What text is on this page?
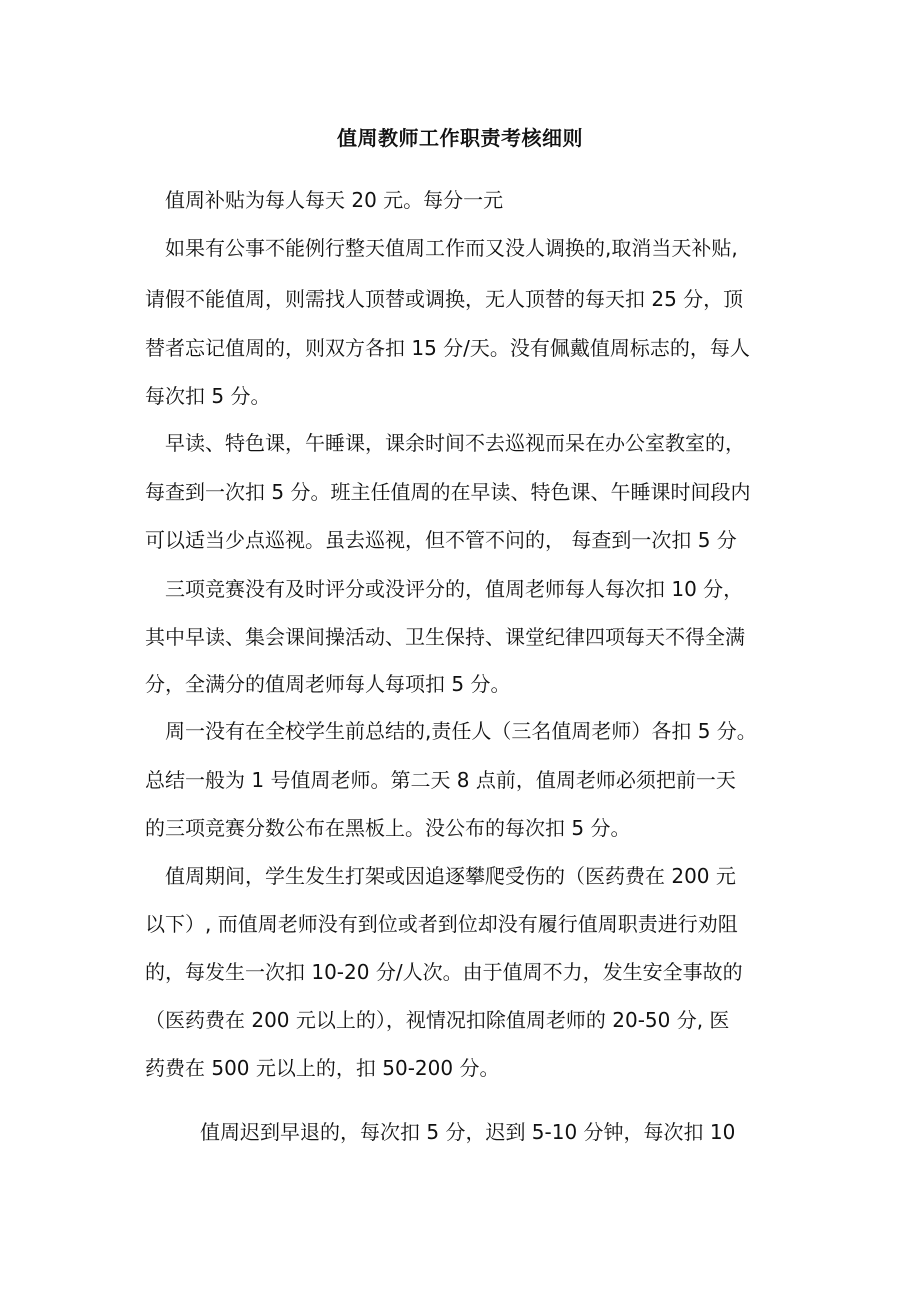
值周教师工作职责考核细则
值周补贴为每人每天 20 元。每分一元
如果有公事不能例行整天值周工作而又没人调换的,取消当天补贴,
请假不能值周，则需找人顶替或调换，无人顶替的每天扣 25 分，顶
替者忘记值周的，则双方各扣 15 分/天。没有佩戴值周标志的，每人
每次扣 5 分。
早读、特色课，午睡课，课余时间不去巡视而呆在办公室教室的，
每查到一次扣 5 分。班主任值周的在早读、特色课、午睡课时间段内
可以适当少点巡视。虽去巡视，但不管不问的， 每查到一次扣 5 分
三项竞赛没有及时评分或没评分的，值周老师每人每次扣 10 分，
其中早读、集会课间操活动、卫生保持、课堂纪律四项每天不得全满
分，全满分的值周老师每人每项扣 5 分。
周一没有在全校学生前总结的,责任人（三名值周老师）各扣 5 分。
总结一般为 1 号值周老师。第二天 8 点前，值周老师必须把前一天
的三项竞赛分数公布在黑板上。没公布的每次扣 5 分。
值周期间，学生发生打架或因追逐攀爬受伤的（医药费在 200 元
以下）, 而值周老师没有到位或者到位却没有履行值周职责进行劝阻
的，每发生一次扣 10-20 分/人次。由于值周不力，发生安全事故的
（医药费在 200 元以上的），视情况扣除值周老师的 20-50 分, 医
药费在 500 元以上的，扣 50-200 分。
值周迟到早退的，每次扣 5 分，迟到 5-10 分钟，每次扣 10
